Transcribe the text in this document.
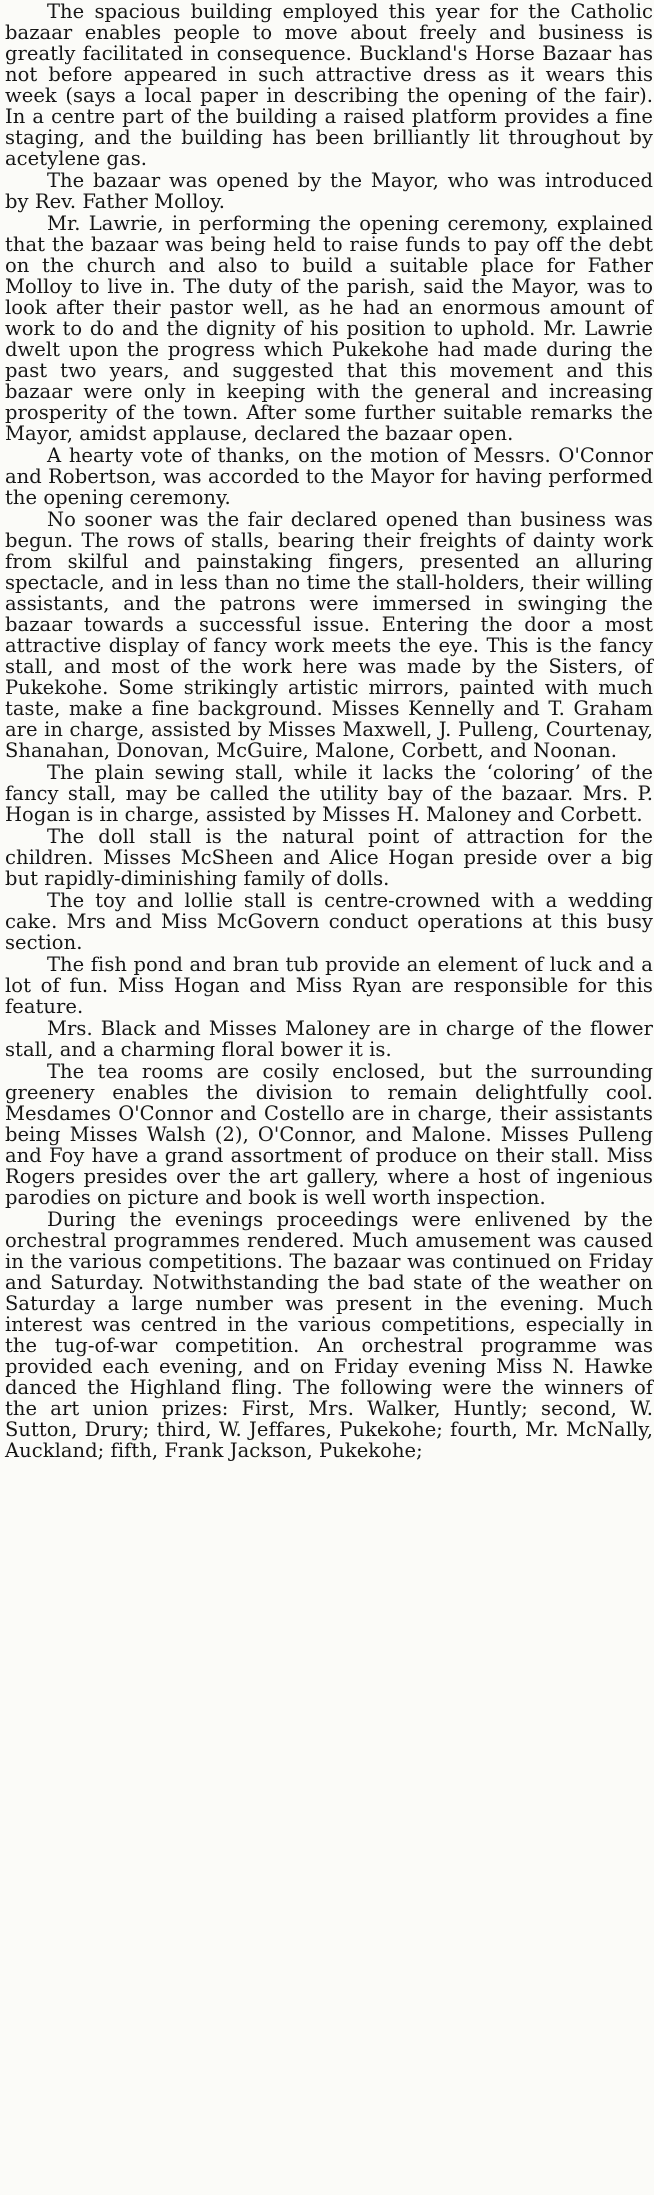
The spacious building employed this year for the Catholic bazaar enables people to move about freely and business is greatly facilitated in consequence. Buckland's Horse Bazaar has not before appeared in such attractive dress as it wears this week (says a local paper in describing the opening of the fair). In a centre part of the building a raised platform provides a fine staging, and the building has been brilliantly lit throughout by acetylene gas.

The bazaar was opened by the Mayor, who was introduced by Rev. Father Molloy.

Mr. Lawrie, in performing the opening ceremony, explained that the bazaar was being held to raise funds to pay off the debt on the church and also to build a suitable place for Father Molloy to live in. The duty of the parish, said the Mayor, was to look after their pastor well, as he had an enormous amount of work to do and the dignity of his position to uphold. Mr. Lawrie dwelt upon the progress which Pukekohe had made during the past two years, and suggested that this movement and this bazaar were only in keeping with the general and increasing prosperity of the town. After some further suitable remarks the Mayor, amidst applause, declared the bazaar open.

A hearty vote of thanks, on the motion of Messrs. O'Connor and Robertson, was accorded to the Mayor for having performed the opening ceremony.

No sooner was the fair declared opened than business was begun. The rows of stalls, bearing their freights of dainty work from skilful and painstaking fingers, presented an alluring spectacle, and in less than no time the stall-holders, their willing assistants, and the patrons were immersed in swinging the bazaar towards a successful issue. Entering the door a most attractive display of fancy work meets the eye. This is the fancy stall, and most of the work here was made by the Sisters, of Pukekohe. Some strikingly artistic mirrors, painted with much taste, make a fine background. Misses Kennelly and T. Graham are in charge, assisted by Misses Maxwell, J. Pulleng, Courtenay, Shanahan, Donovan, McGuire, Malone, Corbett, and Noonan.

The plain sewing stall, while it lacks the ‘coloring’ of the fancy stall, may be called the utility bay of the bazaar. Mrs. P. Hogan is in charge, assisted by Misses H. Maloney and Corbett.

The doll stall is the natural point of attraction for the children. Misses McSheen and Alice Hogan preside over a big but rapidly-diminishing family of dolls.

The toy and lollie stall is centre-crowned with a wedding cake. Mrs and Miss McGovern conduct operations at this busy section.

The fish pond and bran tub provide an element of luck and a lot of fun. Miss Hogan and Miss Ryan are responsible for this feature.

Mrs. Black and Misses Maloney are in charge of the flower stall, and a charming floral bower it is.

The tea rooms are cosily enclosed, but the surrounding greenery enables the division to remain delightfully cool. Mesdames O'Connor and Costello are in charge, their assistants being Misses Walsh (2), O'Connor, and Malone. Misses Pulleng and Foy have a grand assortment of produce on their stall. Miss Rogers presides over the art gallery, where a host of ingenious parodies on picture and book is well worth inspection.

During the evenings proceedings were enlivened by the orchestral programmes rendered. Much amusement was caused in the various competitions. The bazaar was continued on Friday and Saturday. Notwithstanding the bad state of the weather on Saturday a large number was present in the evening. Much interest was centred in the various competitions, especially in the tug-of-war competition. An orchestral programme was provided each evening, and on Friday evening Miss N. Hawke danced the Highland fling. The following were the winners of the art union prizes: First, Mrs. Walker, Huntly; second, W. Sutton, Drury; third, W. Jeffares, Pukekohe; fourth, Mr. McNally, Auckland; fifth, Frank Jackson, Pukekohe;
